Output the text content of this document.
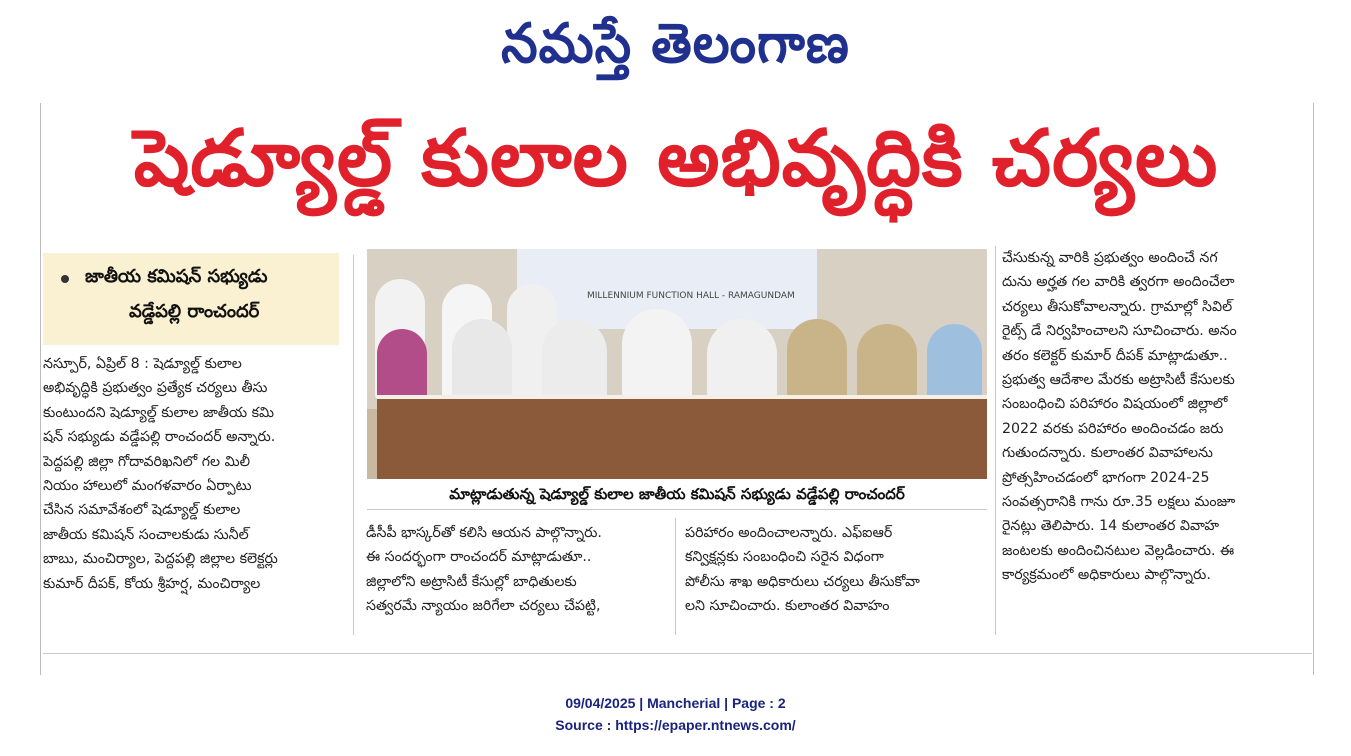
నమస్తే తెలంగాణ
షెడ్యూల్డ్ కులాల అభివృద్ధికి చర్యలు
జాతీయ కమిషన్ సభ్యుడు
వడ్డేపల్లి రాంచందర్

నస్పూర్, ఏప్రిల్ 8 : షెడ్యూల్డ్ కులాల

అభివృద్ధికి ప్రభుత్వం ప్రత్యేక చర్యలు తీసు

కుంటుందని షెడ్యూల్డ్ కులాల జాతీయ కమి

షన్ సభ్యుడు వడ్డేపల్లి రాంచందర్ అన్నారు.

పెద్దపల్లి జిల్లా గోదావరిఖనిలో గల మిలీ

నియం హాలులో మంగళవారం ఏర్పాటు

చేసిన సమావేశంలో షెడ్యూల్డ్ కులాల

జాతీయ కమిషన్ సంచాలకుడు సునీల్

బాబు, మంచిర్యాల, పెద్దపల్లి జిల్లాల కలెక్టర్లు

కుమార్ దీపక్, కోయ శ్రీహర్ష, మంచిర్యాల

MILLENNIUM FUNCTION HALL - RAMAGUNDAM
మాట్లాడుతున్న షెడ్యూల్డ్ కులాల జాతీయ కమిషన్ సభ్యుడు వడ్డేపల్లి రాంచందర్

డీసీపీ భాస్కర్‌తో కలిసి ఆయన పాల్గొన్నారు.

ఈ సందర్భంగా రాంచందర్ మాట్లాడుతూ..

జిల్లాలోని అట్రాసిటీ కేసుల్లో బాధితులకు

సత్వరమే న్యాయం జరిగేలా చర్యలు చేపట్టి,

పరిహారం అందించాలన్నారు. ఎఫ్ఐఆర్

కన్విక్షన్లకు సంబంధించి సరైన విధంగా

పోలీసు శాఖ అధికారులు చర్యలు తీసుకోవా

లని సూచించారు. కులాంతర వివాహం

చేసుకున్న వారికి ప్రభుత్వం అందించే నగ

దును అర్హత గల వారికి త్వరగా అందించేలా

చర్యలు తీసుకోవాలన్నారు. గ్రామాల్లో సివిల్

రైట్స్ డే నిర్వహించాలని సూచించారు. అనం

తరం కలెక్టర్ కుమార్ దీపక్ మాట్లాడుతూ..

ప్రభుత్వ ఆదేశాల మేరకు అట్రాసిటీ కేసులకు

సంబంధించి పరిహారం విషయంలో జిల్లాలో

2022 వరకు పరిహారం అందించడం జరు

గుతుందన్నారు. కులాంతర వివాహాలను

ప్రోత్సహించడంలో భాగంగా 2024-25

సంవత్సరానికి గాను రూ.35 లక్షలు మంజూ

రైనట్లు తెలిపారు. 14 కులాంతర వివాహ

జంటలకు అందించినటుల వెల్లడించారు. ఈ

కార్యక్రమంలో అధికారులు పాల్గొన్నారు.

09/04/2025 | Mancherial | Page : 2
Source : https://epaper.ntnews.com/
